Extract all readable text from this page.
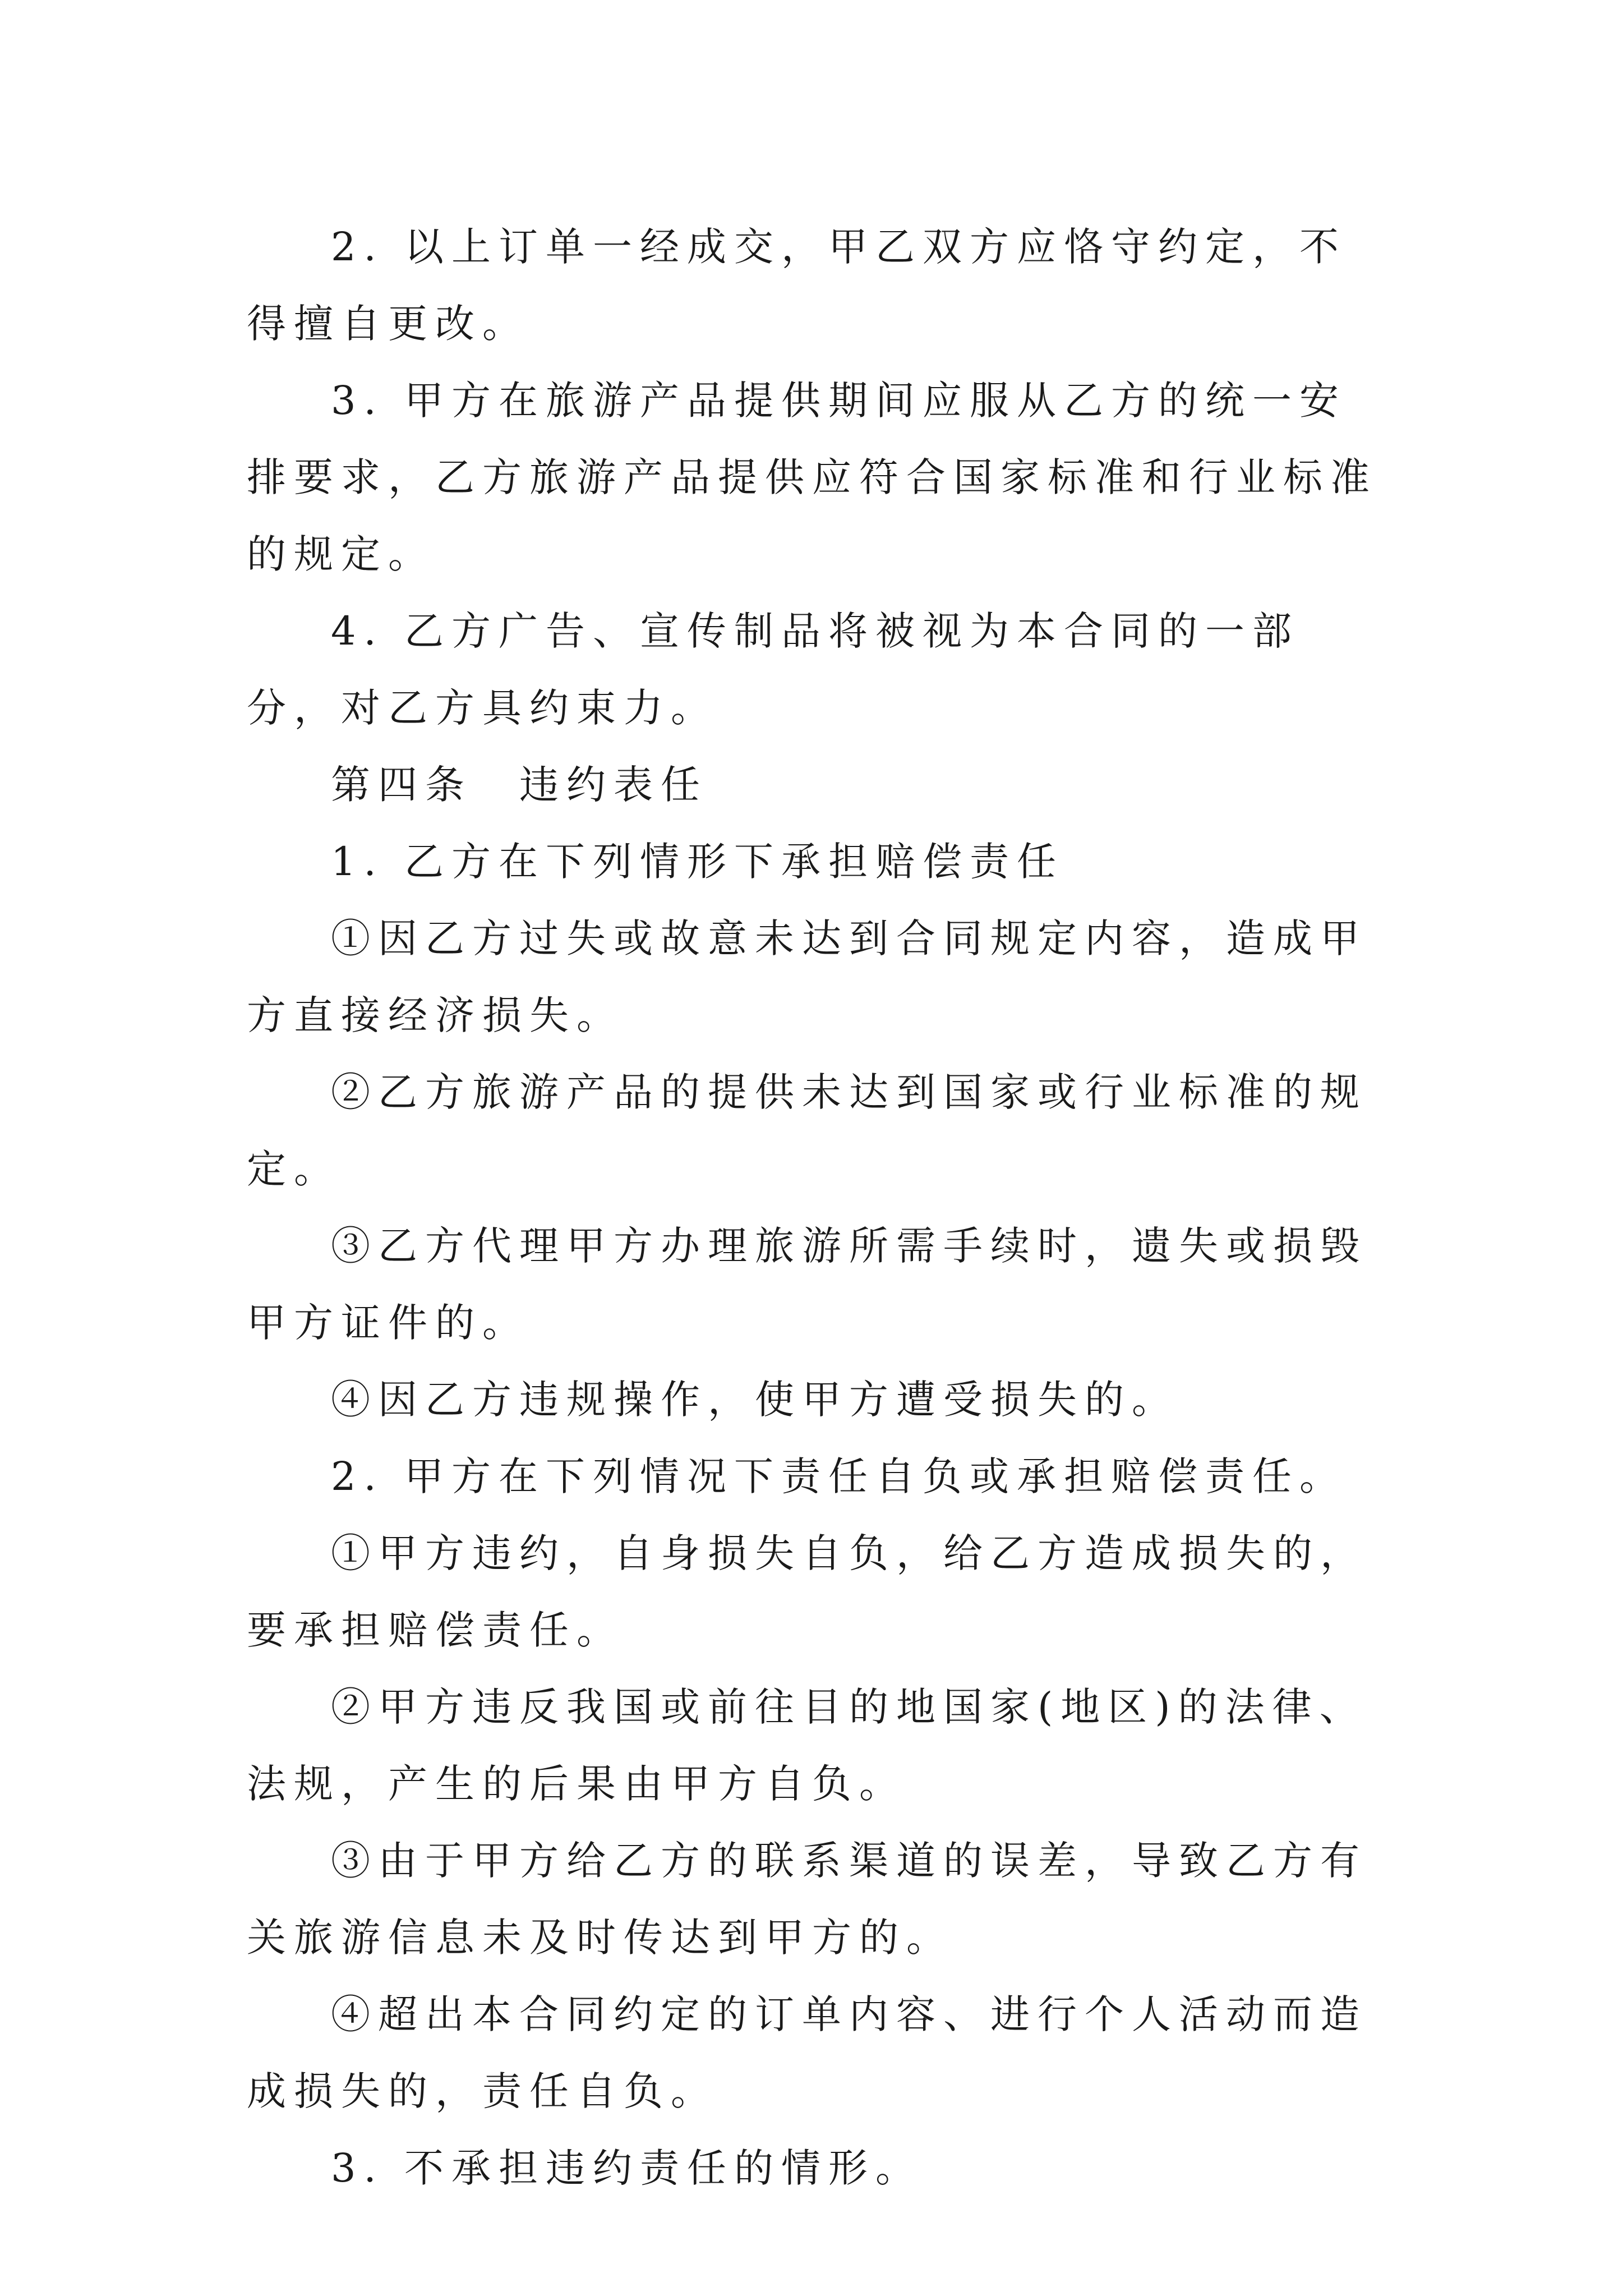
2. 以上订单一经成交，甲乙双方应恪守约定，不得擅自更改。

3. 甲方在旅游产品提供期间应服从乙方的统一安排要求，乙方旅游产品提供应符合国家标准和行业标准的规定。

4. 乙方广告、宣传制品将被视为本合同的一部分，对乙方具约束力。

第四条　违约表任

1. 乙方在下列情形下承担赔偿责任

①因乙方过失或故意未达到合同规定内容，造成甲方直接经济损失。

②乙方旅游产品的提供未达到国家或行业标准的规定。

③乙方代理甲方办理旅游所需手续时，遗失或损毁甲方证件的。

④因乙方违规操作，使甲方遭受损失的。

2. 甲方在下列情况下责任自负或承担赔偿责任。

①甲方违约，自身损失自负，给乙方造成损失的，要承担赔偿责任。

②甲方违反我国或前往目的地国家(地区)的法律、法规，产生的后果由甲方自负。

③由于甲方给乙方的联系渠道的误差，导致乙方有关旅游信息未及时传达到甲方的。

④超出本合同约定的订单内容、进行个人活动而造成损失的，责任自负。

3. 不承担违约责任的情形。
